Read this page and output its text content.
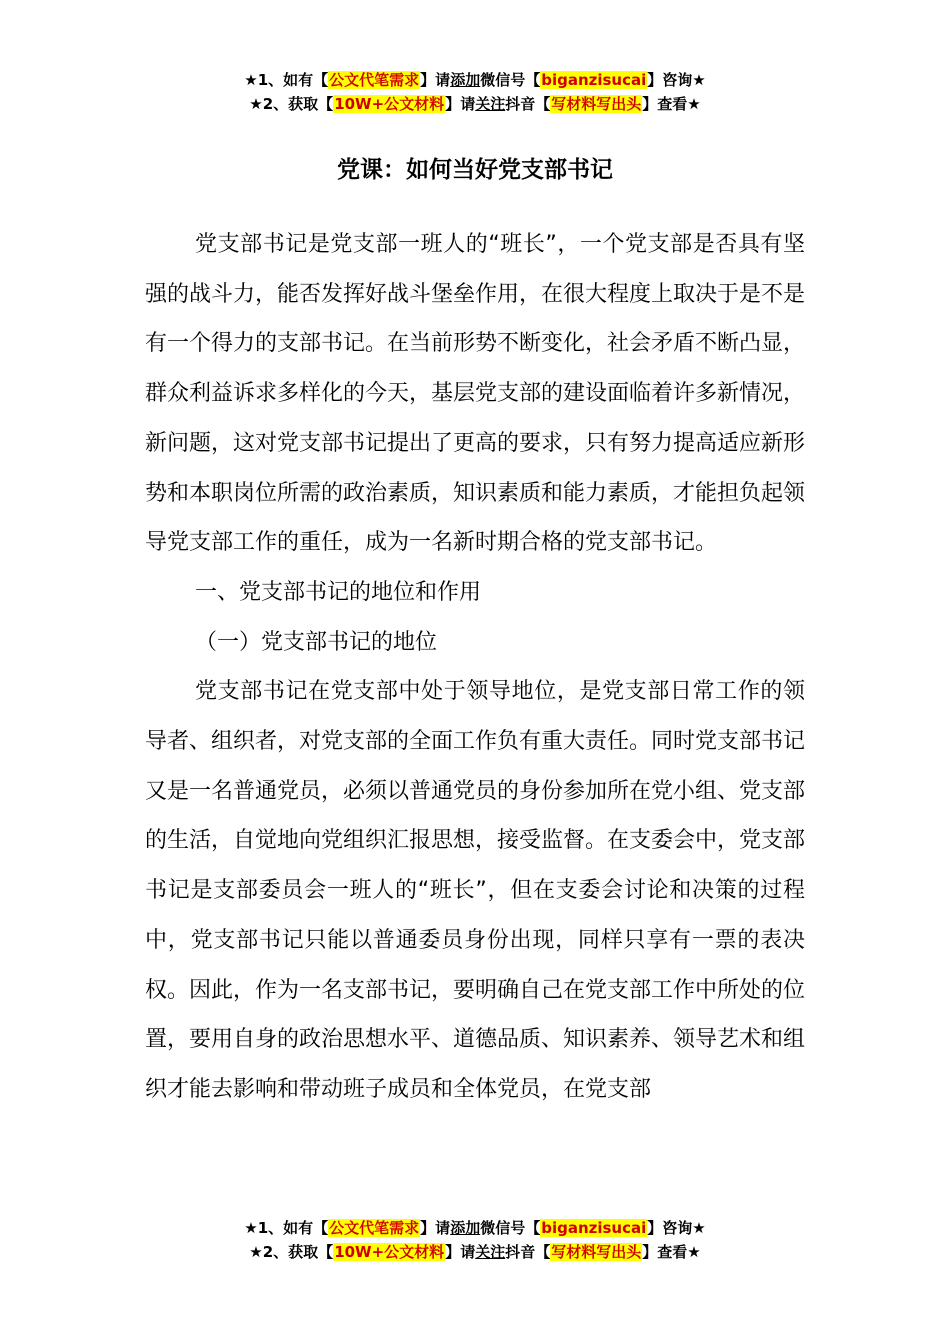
★1、如有【公文代笔需求】请添加微信号【biganzisucai】咨询★
★2、获取【10W+公文材料】请关注抖音【写材料写出头】查看★
党课：如何当好党支部书记

党支部书记是党支部一班人的“班长”，一个党支部是否具有坚强的战斗力，能否发挥好战斗堡垒作用，在很大程度上取决于是不是有一个得力的支部书记。在当前形势不断变化，社会矛盾不断凸显，群众利益诉求多样化的今天，基层党支部的建设面临着许多新情况，新问题，这对党支部书记提出了更高的要求，只有努力提高适应新形势和本职岗位所需的政治素质，知识素质和能力素质，才能担负起领导党支部工作的重任，成为一名新时期合格的党支部书记。

一、党支部书记的地位和作用

（一）党支部书记的地位

党支部书记在党支部中处于领导地位，是党支部日常工作的领导者、组织者，对党支部的全面工作负有重大责任。同时党支部书记又是一名普通党员，必须以普通党员的身份参加所在党小组、党支部的生活，自觉地向党组织汇报思想，接受监督。在支委会中，党支部书记是支部委员会一班人的“班长”，但在支委会讨论和决策的过程中，党支部书记只能以普通委员身份出现，同样只享有一票的表决权。因此，作为一名支部书记，要明确自己在党支部工作中所处的位置，要用自身的政治思想水平、道德品质、知识素养、领导艺术和组织才能去影响和带动班子成员和全体党员，在党支部

★1、如有【公文代笔需求】请添加微信号【biganzisucai】咨询★
★2、获取【10W+公文材料】请关注抖音【写材料写出头】查看★
